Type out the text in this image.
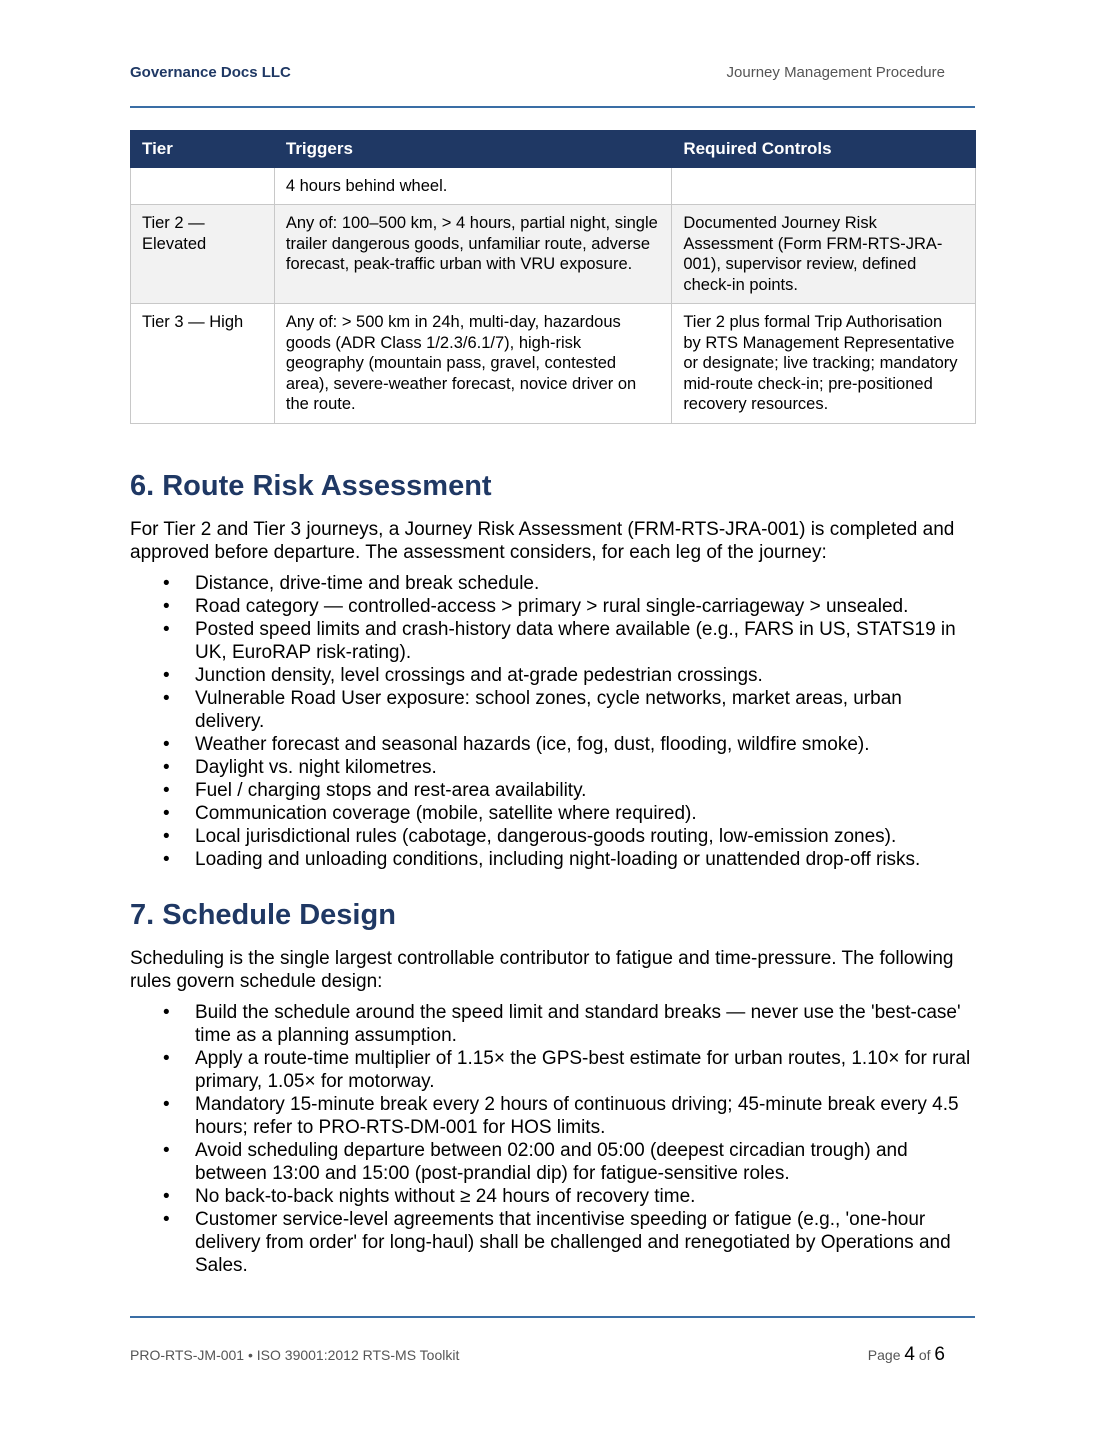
Governance Docs LLC	Journey Management Procedure
Tier	Triggers	Required Controls
	4 hours behind wheel.	
Tier 2 — Elevated	Any of: 100–500 km, > 4 hours, partial night, single trailer dangerous goods, unfamiliar route, adverse forecast, peak-traffic urban with VRU exposure.	Documented Journey Risk Assessment (Form FRM-RTS-JRA-001), supervisor review, defined check-in points.
Tier 3 — High	Any of: > 500 km in 24h, multi-day, hazardous goods (ADR Class 1/2.3/6.1/7), high-risk geography (mountain pass, gravel, contested area), severe-weather forecast, novice driver on the route.	Tier 2 plus formal Trip Authorisation by RTS Management Representative or designate; live tracking; mandatory mid-route check-in; pre-positioned recovery resources.
6. Route Risk Assessment

For Tier 2 and Tier 3 journeys, a Journey Risk Assessment (FRM-RTS-JRA-001) is completed and approved before departure. The assessment considers, for each leg of the journey:

• Distance, drive-time and break schedule.
• Road category — controlled-access > primary > rural single-carriageway > unsealed.
• Posted speed limits and crash-history data where available (e.g., FARS in US, STATS19 in UK, EuroRAP risk-rating).
• Junction density, level crossings and at-grade pedestrian crossings.
• Vulnerable Road User exposure: school zones, cycle networks, market areas, urban delivery.
• Weather forecast and seasonal hazards (ice, fog, dust, flooding, wildfire smoke).
• Daylight vs. night kilometres.
• Fuel / charging stops and rest-area availability.
• Communication coverage (mobile, satellite where required).
• Local jurisdictional rules (cabotage, dangerous-goods routing, low-emission zones).
• Loading and unloading conditions, including night-loading or unattended drop-off risks.
7. Schedule Design

Scheduling is the single largest controllable contributor to fatigue and time-pressure. The following rules govern schedule design:

• Build the schedule around the speed limit and standard breaks — never use the 'best-case' time as a planning assumption.
• Apply a route-time multiplier of 1.15× the GPS-best estimate for urban routes, 1.10× for rural primary, 1.05× for motorway.
• Mandatory 15-minute break every 2 hours of continuous driving; 45-minute break every 4.5 hours; refer to PRO-RTS-DM-001 for HOS limits.
• Avoid scheduling departure between 02:00 and 05:00 (deepest circadian trough) and between 13:00 and 15:00 (post-prandial dip) for fatigue-sensitive roles.
• No back-to-back nights without ≥ 24 hours of recovery time.
• Customer service-level agreements that incentivise speeding or fatigue (e.g., 'one-hour delivery from order' for long-haul) shall be challenged and renegotiated by Operations and Sales.
PRO-RTS-JM-001 • ISO 39001:2012 RTS-MS Toolkit	Page 4 of 6
